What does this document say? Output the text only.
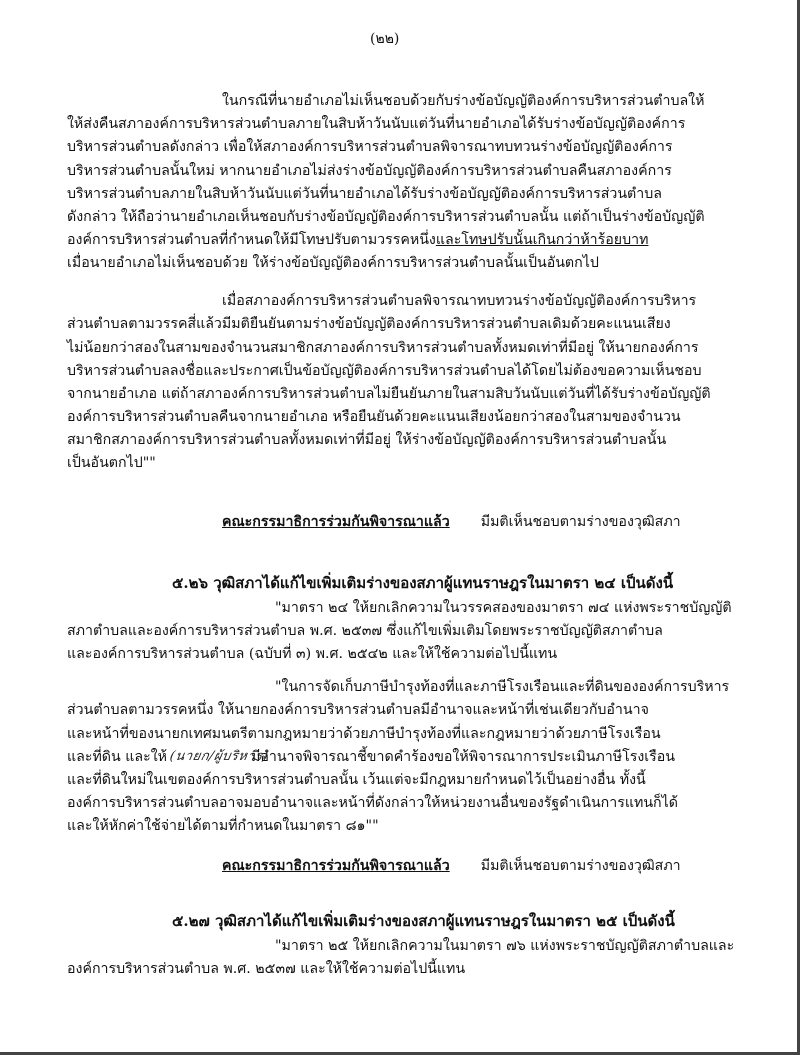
(๒๒)
ในกรณีที่นายอำเภอไม่เห็นชอบด้วยกับร่างข้อบัญญัติองค์การบริหารส่วนตำบลให้
ให้ส่งคืนสภาองค์การบริหารส่วนตำบลภายในสิบห้าวันนับแต่วันที่นายอำเภอได้รับร่างข้อบัญญัติองค์การ
บริหารส่วนตำบลดังกล่าว เพื่อให้สภาองค์การบริหารส่วนตำบลพิจารณาทบทวนร่างข้อบัญญัติองค์การ
บริหารส่วนตำบลนั้นใหม่ หากนายอำเภอไม่ส่งร่างข้อบัญญัติองค์การบริหารส่วนตำบลคืนสภาองค์การ
บริหารส่วนตำบลภายในสิบห้าวันนับแต่วันที่นายอำเภอได้รับร่างข้อบัญญัติองค์การบริหารส่วนตำบล
ดังกล่าว ให้ถือว่านายอำเภอเห็นชอบกับร่างข้อบัญญัติองค์การบริหารส่วนตำบลนั้น แต่ถ้าเป็นร่างข้อบัญญัติ
องค์การบริหารส่วนตำบลที่กำหนดให้มีโทษปรับตามวรรคหนึ่งและโทษปรับนั้นเกินกว่าห้าร้อยบาท
เมื่อนายอำเภอไม่เห็นชอบด้วย ให้ร่างข้อบัญญัติองค์การบริหารส่วนตำบลนั้นเป็นอันตกไป
เมื่อสภาองค์การบริหารส่วนตำบลพิจารณาทบทวนร่างข้อบัญญัติองค์การบริหาร
ส่วนตำบลตามวรรคสี่แล้วมีมติยืนยันตามร่างข้อบัญญัติองค์การบริหารส่วนตำบลเดิมด้วยคะแนนเสียง
ไม่น้อยกว่าสองในสามของจำนวนสมาชิกสภาองค์การบริหารส่วนตำบลทั้งหมดเท่าที่มีอยู่ ให้นายกองค์การ
บริหารส่วนตำบลลงชื่อและประกาศเป็นข้อบัญญัติองค์การบริหารส่วนตำบลได้โดยไม่ต้องขอความเห็นชอบ
จากนายอำเภอ แต่ถ้าสภาองค์การบริหารส่วนตำบลไม่ยืนยันภายในสามสิบวันนับแต่วันที่ได้รับร่างข้อบัญญัติ
องค์การบริหารส่วนตำบลคืนจากนายอำเภอ หรือยืนยันด้วยคะแนนเสียงน้อยกว่าสองในสามของจำนวน
สมาชิกสภาองค์การบริหารส่วนตำบลทั้งหมดเท่าที่มีอยู่ ให้ร่างข้อบัญญัติองค์การบริหารส่วนตำบลนั้น
เป็นอันตกไป""
คณะกรรมาธิการร่วมกันพิจารณาแล้ว มีมติเห็นชอบตามร่างของวุฒิสภา
๕.๒๖ วุฒิสภาได้แก้ไขเพิ่มเติมร่างของสภาผู้แทนราษฎรในมาตรา ๒๔ เป็นดังนี้
"มาตรา ๒๔ ให้ยกเลิกความในวรรคสองของมาตรา ๗๔ แห่งพระราชบัญญัติ
สภาตำบลและองค์การบริหารส่วนตำบล พ.ศ. ๒๕๓๗ ซึ่งแก้ไขเพิ่มเติมโดยพระราชบัญญัติสภาตำบล
และองค์การบริหารส่วนตำบล (ฉบับที่ ๓) พ.ศ. ๒๕๔๒ และให้ใช้ความต่อไปนี้แทน
"ในการจัดเก็บภาษีบำรุงท้องที่และภาษีโรงเรือนและที่ดินขององค์การบริหาร
ส่วนตำบลตามวรรคหนึ่ง ให้นายกองค์การบริหารส่วนตำบลมีอำนาจและหน้าที่เช่นเดียวกับอำนาจ
และหน้าที่ของนายกเทศมนตรีตามกฎหมายว่าด้วยภาษีบำรุงท้องที่และกฎหมายว่าด้วยภาษีโรงเรือน
และที่ดิน และให้	มีอำนาจพิจารณาชี้ขาดคำร้องขอให้พิจารณาการประเมินภาษีโรงเรือน
(นายก/ผู้บริหาร)
และที่ดินใหม่ในเขตองค์การบริหารส่วนตำบลนั้น เว้นแต่จะมีกฎหมายกำหนดไว้เป็นอย่างอื่น ทั้งนี้
องค์การบริหารส่วนตำบลอาจมอบอำนาจและหน้าที่ดังกล่าวให้หน่วยงานอื่นของรัฐดำเนินการแทนก็ได้
และให้หักค่าใช้จ่ายได้ตามที่กำหนดในมาตรา ๘๑""
คณะกรรมาธิการร่วมกันพิจารณาแล้ว มีมติเห็นชอบตามร่างของวุฒิสภา
๕.๒๗ วุฒิสภาได้แก้ไขเพิ่มเติมร่างของสภาผู้แทนราษฎรในมาตรา ๒๕ เป็นดังนี้
"มาตรา ๒๕ ให้ยกเลิกความในมาตรา ๗๖ แห่งพระราชบัญญัติสภาตำบลและ
องค์การบริหารส่วนตำบล พ.ศ. ๒๕๓๗ และให้ใช้ความต่อไปนี้แทน
